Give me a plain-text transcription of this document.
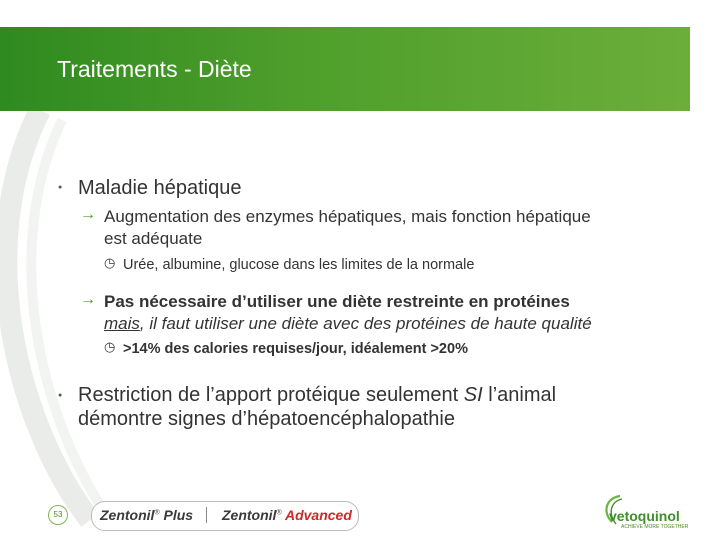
Traitements - Diète
● Maladie hépatique
→ Augmentation des enzymes hépatiques, mais fonction hépatique
est adéquate
◷ Urée, albumine, glucose dans les limites de la normale
→ Pas nécessaire d’utiliser une diète restreinte en protéines
mais, il faut utiliser une diète avec des protéines de haute qualité
◷ >14% des calories requises/jour, idéalement >20%
● Restriction de l’apport protéique seulement SI l’animal
démontre signes d’hépatoencéphalopathie
53	Zentonil® Plus Zentonil® Advanced	vetoquinol
ACHIEVE MORE TOGETHER
